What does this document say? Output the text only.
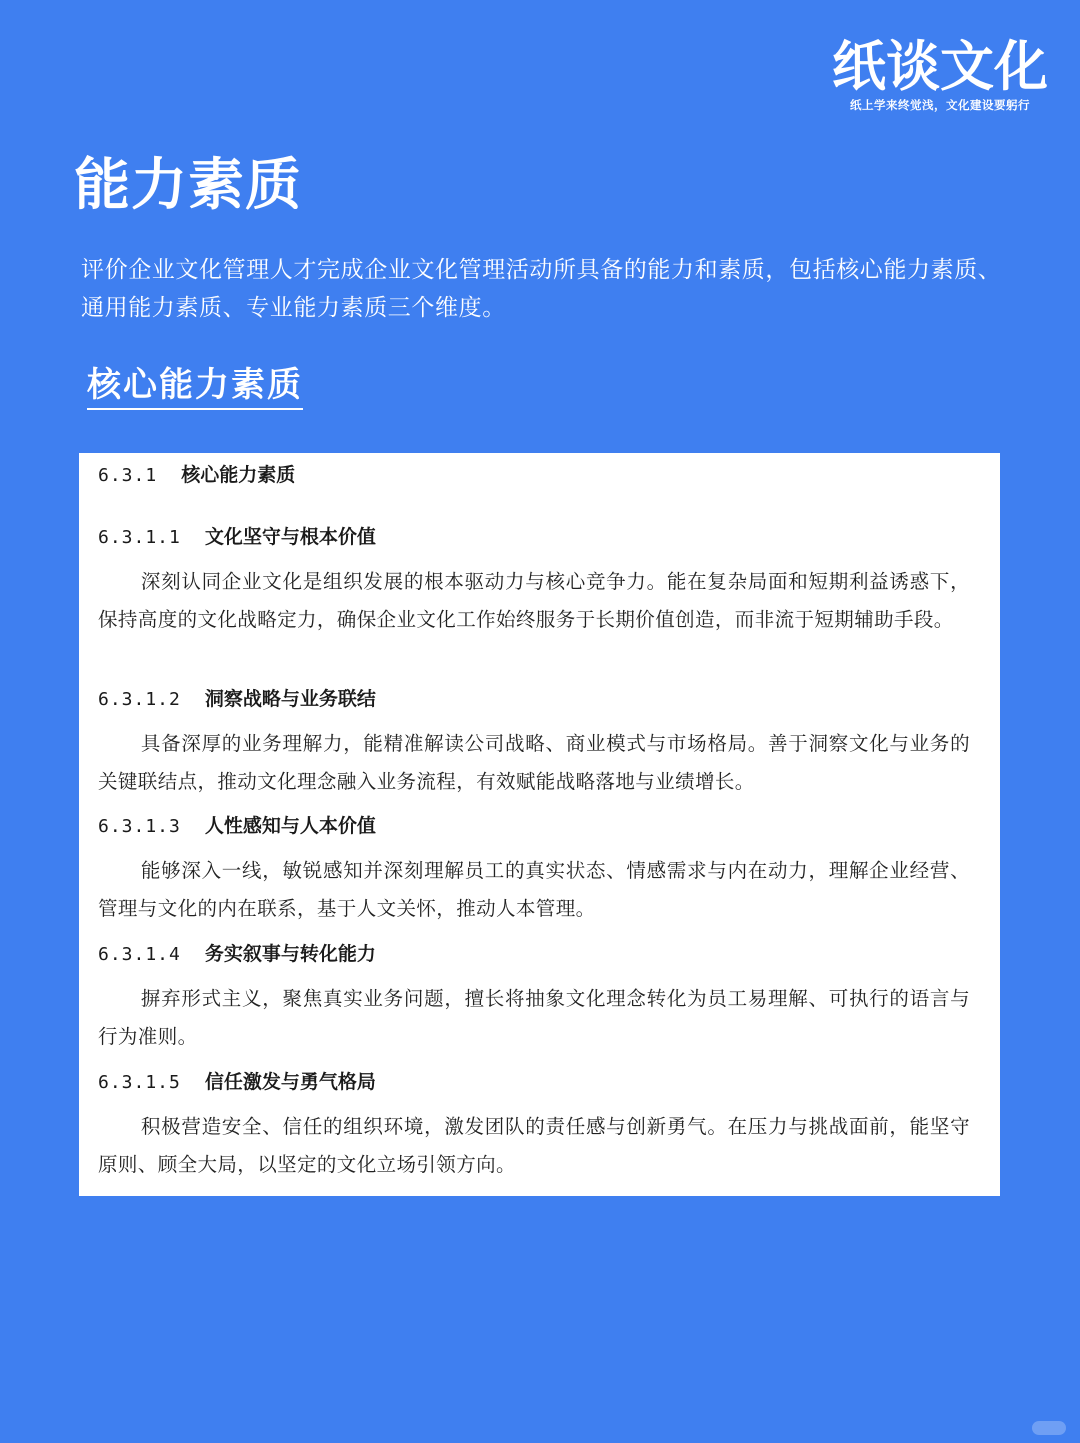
纸谈文化
纸上学来终觉浅，文化建设要躬行
能力素质

评价企业文化管理人才完成企业文化管理活动所具备的能力和素质，包括核心能力素质、通用能力素质、专业能力素质三个维度。

核心能力素质
6.3.1 核心能力素质
6.3.1.1 文化坚守与根本价值

深刻认同企业文化是组织发展的根本驱动力与核心竞争力。能在复杂局面和短期利益诱惑下，保持高度的文化战略定力，确保企业文化工作始终服务于长期价值创造，而非流于短期辅助手段。

6.3.1.2 洞察战略与业务联结

具备深厚的业务理解力，能精准解读公司战略、商业模式与市场格局。善于洞察文化与业务的关键联结点，推动文化理念融入业务流程，有效赋能战略落地与业绩增长。

6.3.1.3 人性感知与人本价值

能够深入一线，敏锐感知并深刻理解员工的真实状态、情感需求与内在动力，理解企业经营、管理与文化的内在联系，基于人文关怀，推动人本管理。

6.3.1.4 务实叙事与转化能力

摒弃形式主义，聚焦真实业务问题，擅长将抽象文化理念转化为员工易理解、可执行的语言与行为准则。

6.3.1.5 信任激发与勇气格局

积极营造安全、信任的组织环境，激发团队的责任感与创新勇气。在压力与挑战面前，能坚守原则、顾全大局，以坚定的文化立场引领方向。
